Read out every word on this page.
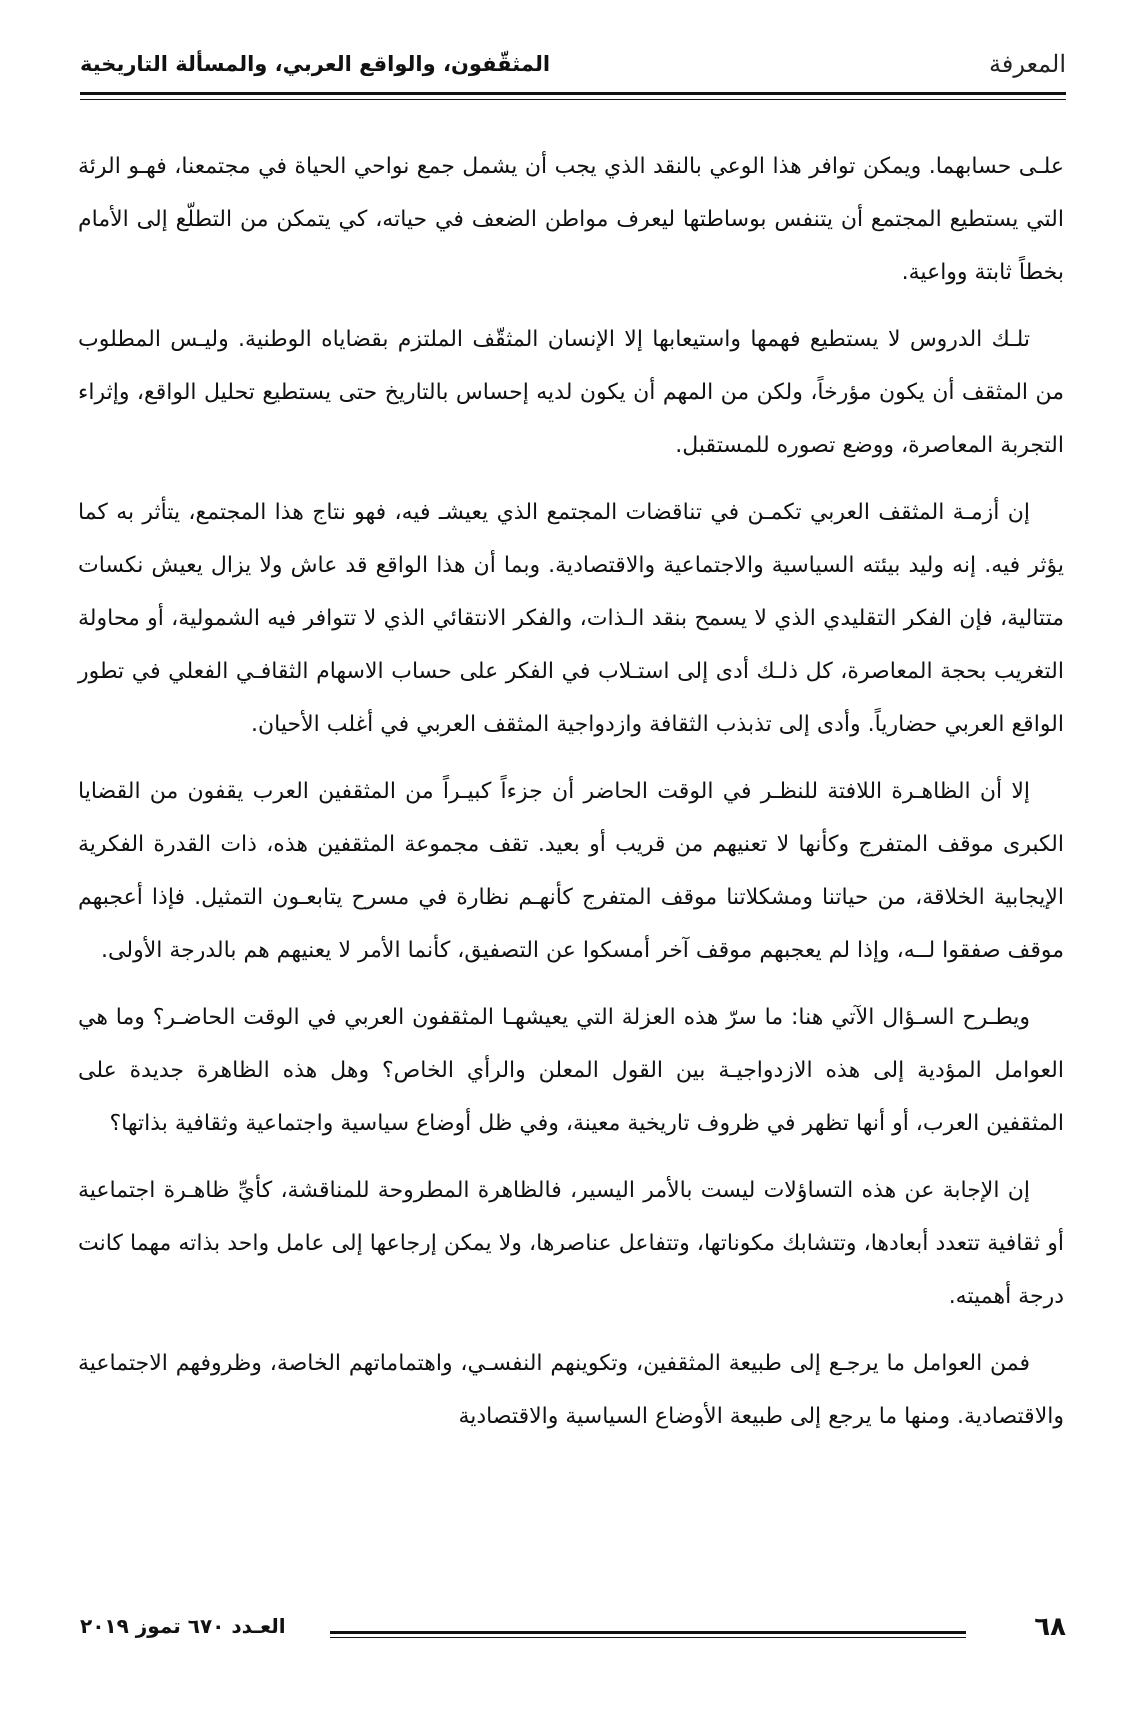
المعرفة
المثقّفون، والواقع العربي، والمسألة التاريخية

علـى حسابهما. ويمكن توافر هذا الوعي بالنقد الذي يجب أن يشمل جمع نواحي الحياة في مجتمعنا، فهـو الرئة التي يستطيع المجتمع أن يتنفس بوساطتها ليعرف مواطن الضعف في حياته، كي يتمكن من التطلّع إلى الأمام بخطاً ثابتة وواعية.

تلـك الدروس لا يستطيع فهمها واستيعابها إلا الإنسان المثقّف الملتزم بقضاياه الوطنية. وليـس المطلوب من المثقف أن يكون مؤرخاً، ولكن من المهم أن يكون لديه إحساس بالتاريخ حتى يستطيع تحليل الواقع، وإثراء التجربة المعاصرة، ووضع تصوره للمستقبل.

إن أزمـة المثقف العربي تكمـن في تناقضات المجتمع الذي يعيشـ فيه، فهو نتاج هذا المجتمع، يتأثر به كما يؤثر فيه. إنه وليد بيئته السياسية والاجتماعية والاقتصادية. وبما أن هذا الواقع قد عاش ولا يزال يعيش نكسات متتالية، فإن الفكر التقليدي الذي لا يسمح بنقد الـذات، والفكر الانتقائي الذي لا تتوافر فيه الشمولية، أو محاولة التغريب بحجة المعاصرة، كل ذلـك أدى إلى استـلاب في الفكر على حساب الاسهام الثقافـي الفعلي في تطور الواقع العربي حضارياً. وأدى إلى تذبذب الثقافة وازدواجية المثقف العربي في أغلب الأحيان.

إلا أن الظاهـرة اللافتة للنظـر في الوقت الحاضر أن جزءاً كبيـراً من المثقفين العرب يقفون من القضايا الكبرى موقف المتفرج وكأنها لا تعنيهم من قريب أو بعيد. تقف مجموعة المثقفين هذه، ذات القدرة الفكرية الإيجابية الخلاقة، من حياتنا ومشكلاتنا موقف المتفرج كأنهـم نظارة في مسرح يتابعـون التمثيل. فإذا أعجبهم موقف صفقوا لــه، وإذا لم يعجبهم موقف آخر أمسكوا عن التصفيق، كأنما الأمر لا يعنيهم هم بالدرجة الأولى.

ويطـرح السـؤال الآتي هنا: ما سرّ هذه العزلة التي يعيشهـا المثقفون العربي في الوقت الحاضـر؟ وما هي العوامل المؤدية إلى هذه الازدواجيـة بين القول المعلن والرأي الخاص؟ وهل هذه الظاهرة جديدة على المثقفين العرب، أو أنها تظهر في ظروف تاريخية معينة، وفي ظل أوضاع سياسية واجتماعية وثقافية بذاتها؟

إن الإجابة عن هذه التساؤلات ليست بالأمر اليسير، فالظاهرة المطروحة للمناقشة، كأيِّ ظاهـرة اجتماعية أو ثقافية تتعدد أبعادها، وتتشابك مكوناتها، وتتفاعل عناصرها، ولا يمكن إرجاعها إلى عامل واحد بذاته مهما كانت درجة أهميته.

فمن العوامل ما يرجـع إلى طبيعة المثقفين، وتكوينهم النفسـي، واهتماماتهم الخاصة، وظروفهم الاجتماعية والاقتصادية. ومنها ما يرجع إلى طبيعة الأوضاع السياسية والاقتصادية

٦٨
العـدد ٦٧٠ تموز ٢٠١٩
